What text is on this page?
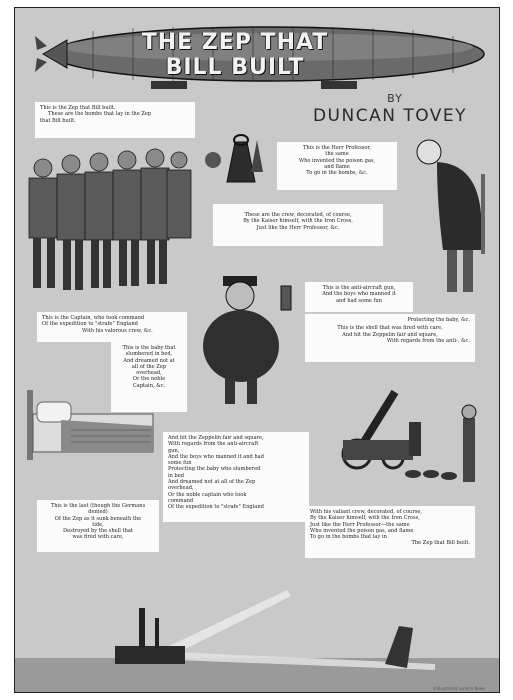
THE ZEP THAT BILL BUILT
BY
DUNCAN TOVEY
This is the Zep that Bill built.
These are the bombs that lay in the Zep
that Bill built.
This is the Herr Professor,
the same
Who invented the poison gas,
and flame
To go in the bombs, &c.
These are the crew, decorated, of course,
By the Kaiser himself, with the Iron Cross,
Just like the Herr Professor, &c.
This is the anti-aircraft gun,
And the boys who manned it
and had some fun
Protecting the baby, &c.
This is the shell that was fired with care,
And hit the Zeppelin fair and square,
With regards from the anti-, &c.
This is the Captain, who took command
Of the expedition to "strafe" England
With his valorous crew, &c.
This is the baby that
slumbered in bed,
And dreamed not at
all of the Zep
overhead,
Or the noble
Captain, &c.
And hit the Zeppelin fair and square,
With regards from the anti-aircraft
gun,
And the boys who manned it and had
some fun
Protecting the baby who slumbered
in bed
And dreamed not at all of the Zep
overhead,
Or the noble captain who took
command
Of the expedition to "strafe" England
This is the last (though the Germans
denied)
Of the Zep as it sunk beneath the
tide,
Destroyed by the shell that
was fired with care,
With his valiant crew, decorated, of course,
By the Kaiser himself, with the Iron Cross,
Just like the Herr Professor—the same
Who invented the poison gas, and flame
To go in the bombs that lay in
The Zep that Bill built.
©Illustrated London News
